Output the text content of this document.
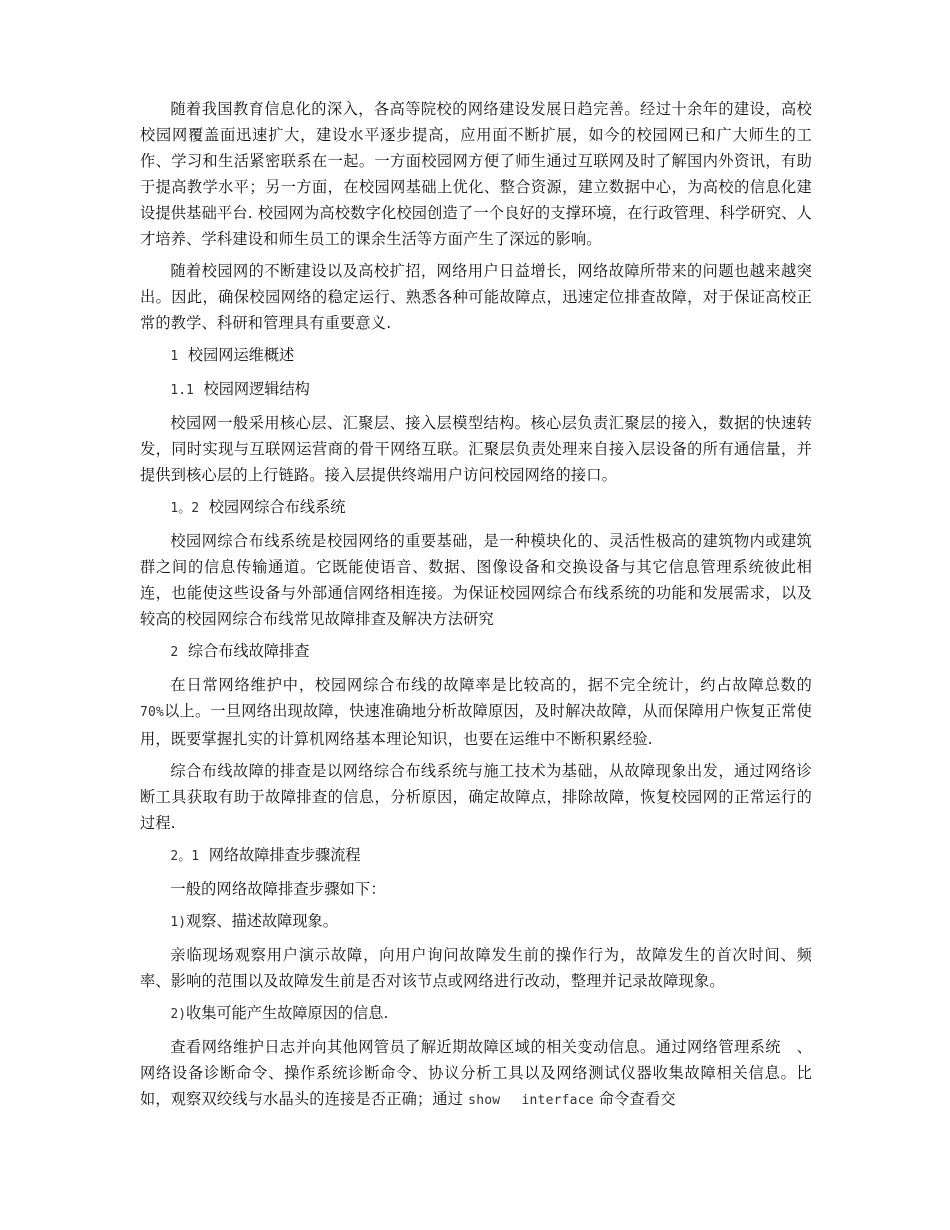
随着我国教育信息化的深入，各高等院校的网络建设发展日趋完善。经过十余年的建设，高校校园网覆盖面迅速扩大，建设水平逐步提高，应用面不断扩展，如今的校园网已和广大师生的工作、学习和生活紧密联系在一起。一方面校园网方便了师生通过互联网及时了解国内外资讯，有助于提高教学水平；另一方面，在校园网基础上优化、整合资源，建立数据中心，为高校的信息化建设提供基础平台. 校园网为高校数字化校园创造了一个良好的支撑环境，在行政管理、科学研究、人才培养、学科建设和师生员工的课余生活等方面产生了深远的影响。

随着校园网的不断建设以及高校扩招，网络用户日益增长，网络故障所带来的问题也越来越突出。因此，确保校园网络的稳定运行、熟悉各种可能故障点，迅速定位排查故障，对于保证高校正常的教学、科研和管理具有重要意义.

1 校园网运维概述
1.1 校园网逻辑结构

校园网一般采用核心层、汇聚层、接入层模型结构。核心层负责汇聚层的接入，数据的快速转发，同时实现与互联网运营商的骨干网络互联。汇聚层负责处理来自接入层设备的所有通信量，并提供到核心层的上行链路。接入层提供终端用户访问校园网络的接口。

1。2 校园网综合布线系统

校园网综合布线系统是校园网络的重要基础，是一种模块化的、灵活性极高的建筑物内或建筑群之间的信息传输通道。它既能使语音、数据、图像设备和交换设备与其它信息管理系统彼此相连，也能使这些设备与外部通信网络相连接。为保证校园网综合布线系统的功能和发展需求，以及较高的校园网综合布线常见故障排查及解决方法研究

2 综合布线故障排查

在日常网络维护中，校园网综合布线的故障率是比较高的，据不完全统计，约占故障总数的 70%以上。一旦网络出现故障，快速准确地分析故障原因，及时解决故障，从而保障用户恢复正常使用，既要掌握扎实的计算机网络基本理论知识，也要在运维中不断积累经验.

综合布线故障的排查是以网络综合布线系统与施工技术为基础，从故障现象出发，通过网络诊断工具获取有助于故障排查的信息，分析原因，确定故障点，排除故障，恢复校园网的正常运行的过程.

2。1 网络故障排查步骤流程

一般的网络故障排查步骤如下：

1)观察、描述故障现象。

亲临现场观察用户演示故障，向用户询问故障发生前的操作行为，故障发生的首次时间、频率、影响的范围以及故障发生前是否对该节点或网络进行改动，整理并记录故障现象。

2)收集可能产生故障原因的信息.

查看网络维护日志并向其他网管员了解近期故障区域的相关变动信息。通过网络管理系统　、网络设备诊断命令、操作系统诊断命令、协议分析工具以及网络测试仪器收集故障相关信息。比如，观察双绞线与水晶头的连接是否正确；通过 show　 interface 命令查看交
